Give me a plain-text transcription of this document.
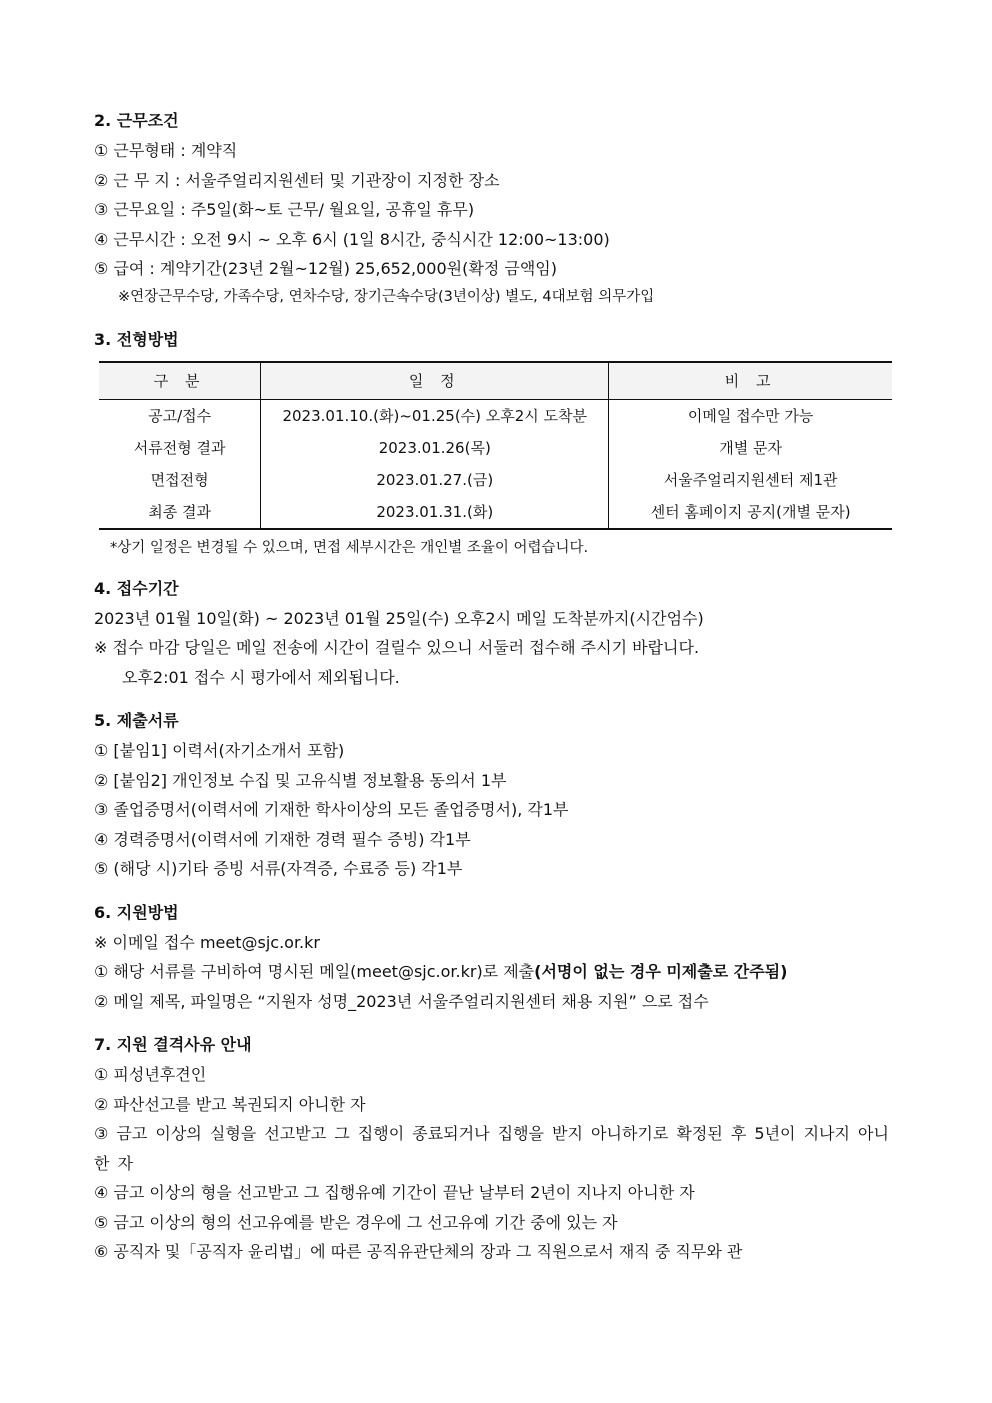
2. 근무조건
① 근무형태 : 계약직
② 근 무 지 : 서울주얼리지원센터 및 기관장이 지정한 장소
③ 근무요일 : 주5일(화~토 근무/ 월요일, 공휴일 휴무)
④ 근무시간 : 오전 9시 ~ 오후 6시 (1일 8시간, 중식시간 12:00~13:00)
⑤ 급여 : 계약기간(23년 2월~12월) 25,652,000원(확정 금액임)
※연장근무수당, 가족수당, 연차수당, 장기근속수당(3년이상) 별도, 4대보험 의무가입
3. 전형방법
구 분	일 정	비 고
공고/접수	2023.01.10.(화)~01.25(수) 오후2시 도착분	이메일 접수만 가능
서류전형 결과	2023.01.26(목)	개별 문자
면접전형	2023.01.27.(금)	서울주얼리지원센터 제1관
최종 결과	2023.01.31.(화)	센터 홈페이지 공지(개별 문자)
*상기 일정은 변경될 수 있으며, 면접 세부시간은 개인별 조율이 어렵습니다.
4. 접수기간
2023년 01월 10일(화) ~ 2023년 01월 25일(수) 오후2시 메일 도착분까지(시간엄수)
※ 접수 마감 당일은 메일 전송에 시간이 걸릴수 있으니 서둘러 접수해 주시기 바랍니다.
오후2:01 접수 시 평가에서 제외됩니다.
5. 제출서류
① [붙임1] 이력서(자기소개서 포함)
② [붙임2] 개인정보 수집 및 고유식별 정보활용 동의서 1부
③ 졸업증명서(이력서에 기재한 학사이상의 모든 졸업증명서), 각1부
④ 경력증명서(이력서에 기재한 경력 필수 증빙) 각1부
⑤ (해당 시)기타 증빙 서류(자격증, 수료증 등) 각1부
6. 지원방법
※ 이메일 접수 meet@sjc.or.kr
① 해당 서류를 구비하여 명시된 메일(meet@sjc.or.kr)로 제출(서명이 없는 경우 미제출로 간주됨)
② 메일 제목, 파일명은 “지원자 성명_2023년 서울주얼리지원센터 채용 지원” 으로 접수
7. 지원 결격사유 안내
① 피성년후견인
② 파산선고를 받고 복권되지 아니한 자
③ 금고 이상의 실형을 선고받고 그 집행이 종료되거나 집행을 받지 아니하기로 확정된 후 5년이 지나지 아니한 자
④ 금고 이상의 형을 선고받고 그 집행유예 기간이 끝난 날부터 2년이 지나지 아니한 자
⑤ 금고 이상의 형의 선고유예를 받은 경우에 그 선고유예 기간 중에 있는 자
⑥ 공직자 및「공직자 윤리법」에 따른 공직유관단체의 장과 그 직원으로서 재직 중 직무와 관
